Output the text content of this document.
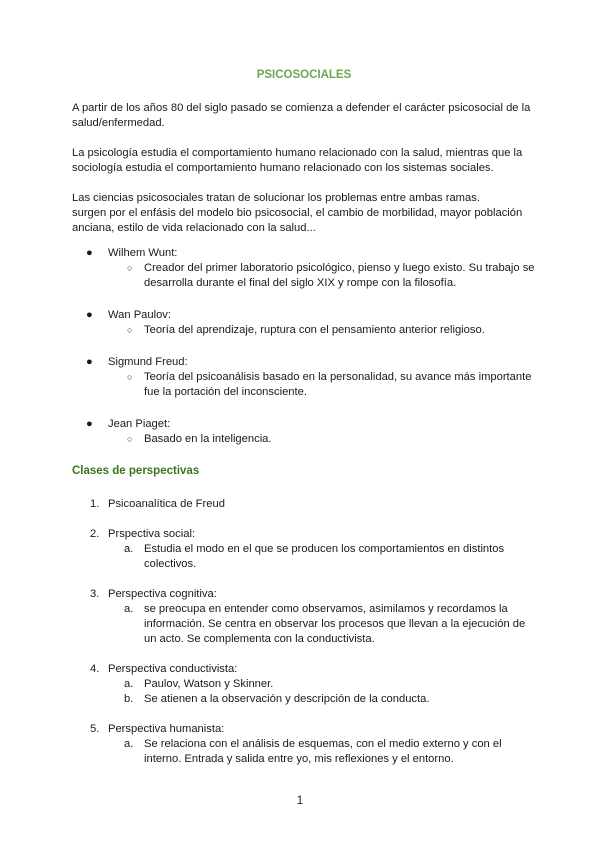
PSICOSOCIALES

A partir de los años 80 del siglo pasado se comienza a defender el carácter psicosocial de la salud/enfermedad.

La psicología estudia el comportamiento humano relacionado con la salud, mientras que la sociología estudia el comportamiento humano relacionado con los sistemas sociales.

Las ciencias psicosociales tratan de solucionar los problemas entre ambas ramas.

surgen por el enfásis del modelo bio psicosocial, el cambio de morbilidad, mayor población anciana, estilo de vida relacionado con la salud...

● Wilhem Wunt:

○ Creador del primer laboratorio psicológico, pienso y luego existo. Su trabajo se desarrolla durante el final del siglo XIX y rompe con la filosofía.

● Wan Paulov:

○ Teoría del aprendizaje, ruptura con el pensamiento anterior religioso.

● Sigmund Freud:

○ Teoría del psicoanálisis basado en la personalidad, su avance más importante fue la portación del inconsciente.

● Jean Piaget:

○ Basado en la inteligencia.

Clases de perspectivas

1. Psicoanalítica de Freud

2. Prspectiva social:

a. Estudia el modo en el que se producen los comportamientos en distintos colectivos.

3. Perspectiva cognitiva:

a. se preocupa en entender como observamos, asimilamos y recordamos la información. Se centra en observar los procesos que llevan a la ejecución de un acto. Se complementa con la conductivista.

4. Perspectiva conductivista:

a. Paulov, Watson y Skinner.

b. Se atienen a la observación y descripción de la conducta.

5. Perspectiva humanista:

a. Se relaciona con el análisis de esquemas, con el medio externo y con el interno. Entrada y salida entre yo, mis reflexiones y el entorno.

1
